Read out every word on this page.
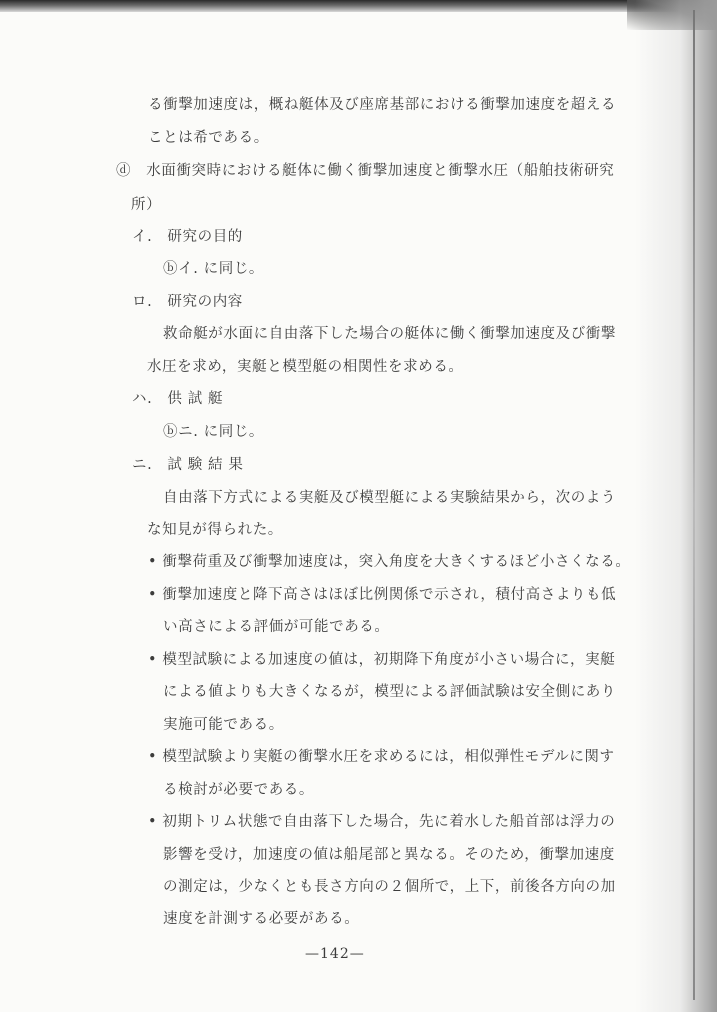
る衝撃加速度は，概ね艇体及び座席基部における衝撃加速度を超える
ことは希である。
ⓓ　水面衝突時における艇体に働く衝撃加速度と衝撃水圧（船舶技術研究
所）
イ.　研究の目的
ⓑイ. に同じ。
ロ.　研究の内容
救命艇が水面に自由落下した場合の艇体に働く衝撃加速度及び衝撃
水圧を求め，実艇と模型艇の相関性を求める。
ハ.　供 試 艇
ⓑニ. に同じ。
ニ.　試 験 結 果
自由落下方式による実艇及び模型艇による実験結果から，次のよう
な知見が得られた。
• 衝撃荷重及び衝撃加速度は，突入角度を大きくするほど小さくなる。
• 衝撃加速度と降下高さはほぼ比例関係で示され，積付高さよりも低
い高さによる評価が可能である。
• 模型試験による加速度の値は，初期降下角度が小さい場合に，実艇
による値よりも大きくなるが，模型による評価試験は安全側にあり
実施可能である。
• 模型試験より実艇の衝撃水圧を求めるには，相似弾性モデルに関す
る検討が必要である。
• 初期トリム状態で自由落下した場合，先に着水した船首部は浮力の
影響を受け，加速度の値は船尾部と異なる。そのため，衝撃加速度
の測定は，少なくとも長さ方向の２個所で，上下，前後各方向の加
速度を計測する必要がある。
—142—
